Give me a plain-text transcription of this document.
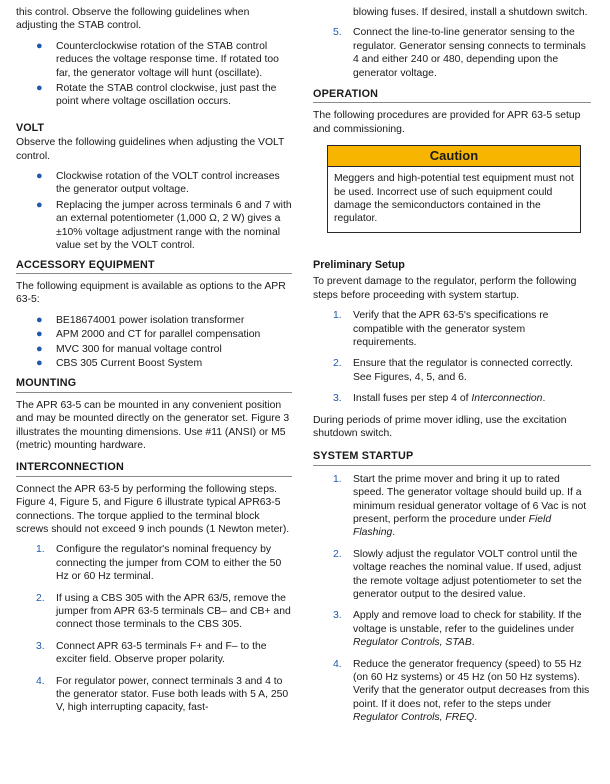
this control. Observe the following guidelines when adjusting the STAB control.

● Counterclockwise rotation of the STAB control reduces the voltage response time. If rotated too far, the generator voltage will hunt (oscillate).
● Rotate the STAB control clockwise, just past the point where voltage oscillation occurs.

VOLT

Observe the following guidelines when adjusting the VOLT control.

● Clockwise rotation of the VOLT control increases the generator output voltage.
● Replacing the jumper across terminals 6 and 7 with an external potentiometer (1,000 Ω, 2 W) gives a ±10% voltage adjustment range with the nominal value set by the VOLT control.

ACCESSORY EQUIPMENT

The following equipment is available as options to the APR 63-5:

● BE18674001 power isolation transformer
● APM 2000 and CT for parallel compensation
● MVC 300 for manual voltage control
● CBS 305 Current Boost System

MOUNTING

The APR 63-5 can be mounted in any convenient position and may be mounted directly on the generator set. Figure 3 illustrates the mounting dimensions. Use #11 (ANSI) or M5 (metric) mounting hardware.

INTERCONNECTION

Connect the APR 63-5 by performing the following steps. Figure 4, Figure 5, and Figure 6 illustrate typical APR63-5 connections. The torque applied to the terminal block screws should not exceed 9 inch pounds (1 Newton meter).

1. Configure the regulator's nominal frequency by connecting the jumper from COM to either the 50 Hz or 60 Hz terminal.
2. If using a CBS 305 with the APR 63/5, remove the jumper from APR 63-5 terminals CB– and CB+ and connect those terminals to the CBS 305.
3. Connect APR 63-5 terminals F+ and F– to the exciter field. Observe proper polarity.
4. For regulator power, connect terminals 3 and 4 to the generator stator. Fuse both leads with 5 A, 250 V, high interrupting capacity, fast-

blowing fuses. If desired, install a shutdown switch.

5. Connect the line-to-line generator sensing to the regulator. Generator sensing connects to terminals 4 and either 240 or 480, depending upon the generator voltage.

OPERATION

The following procedures are provided for APR 63-5 setup and commissioning.

Caution
Meggers and high-potential test equipment must not be used. Incorrect use of such equipment could damage the semiconductors contained in the regulator.

Preliminary Setup

To prevent damage to the regulator, perform the following steps before proceeding with system startup.

1. Verify that the APR 63-5's specifications re compatible with the generator system requirements.
2. Ensure that the regulator is connected correctly. See Figures, 4, 5, and 6.
3. Install fuses per step 4 of Interconnection.

During periods of prime mover idling, use the excitation shutdown switch.

SYSTEM STARTUP

1. Start the prime mover and bring it up to rated speed. The generator voltage should build up. If a minimum residual generator voltage of 6 Vac is not present, perform the procedure under Field Flashing.
2. Slowly adjust the regulator VOLT control until the voltage reaches the nominal value. If used, adjust the remote voltage adjust potentiometer to set the generator output to the desired value.
3. Apply and remove load to check for stability. If the voltage is unstable, refer to the guidelines under Regulator Controls, STAB.
4. Reduce the generator frequency (speed) to 55 Hz (on 60 Hz systems) or 45 Hz (on 50 Hz systems). Verify that the generator output decreases from this point. If it does not, refer to the steps under Regulator Controls, FREQ.
